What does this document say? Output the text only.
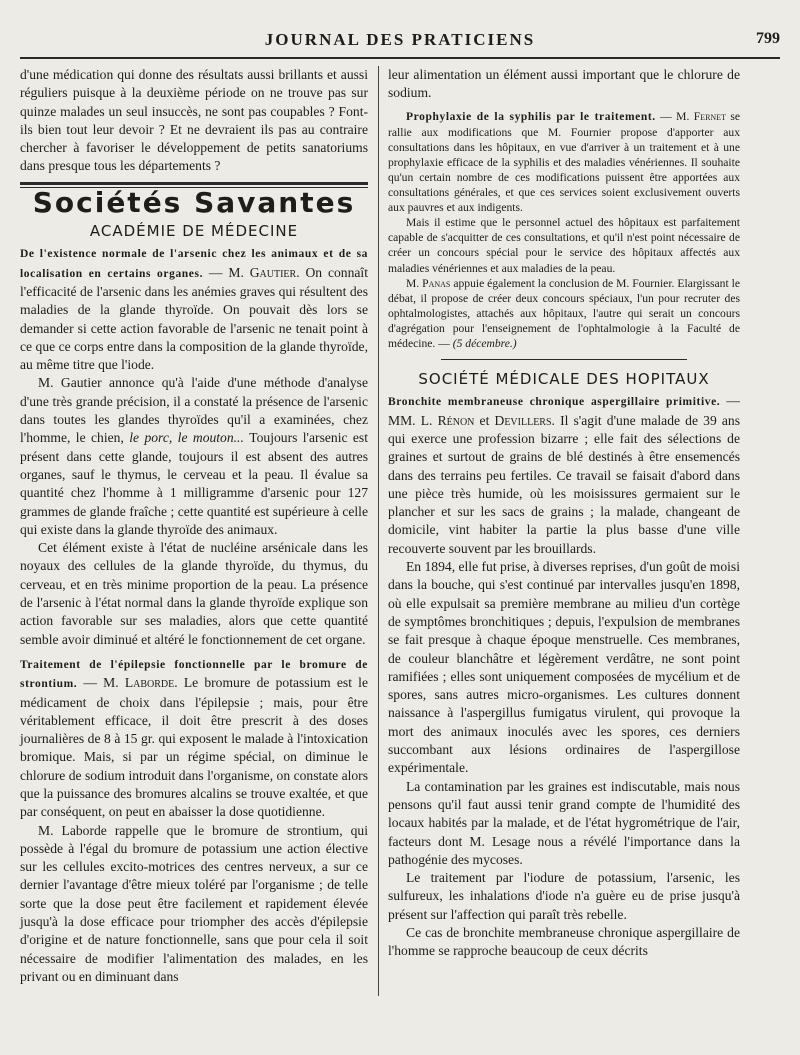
JOURNAL DES PRATICIENS	799

d'une médication qui donne des résultats aussi brillants et aussi réguliers puisque à la deuxième période on ne trouve pas sur quinze malades un seul insuccès, ne sont pas coupables ? Font-ils bien tout leur devoir ? Et ne devraient ils pas au contraire chercher à favoriser le développement de petits sanatoriums dans presque tous les départements ?

Sociétés Savantes
ACADÉMIE DE MÉDECINE

De l'existence normale de l'arsenic chez les animaux et de sa localisation en certains organes. — M. Gautier. On connaît l'efficacité de l'arsenic dans les anémies graves qui résultent des maladies de la glande thyroïde. On pouvait dès lors se demander si cette action favorable de l'arsenic ne tenait point à ce que ce corps entre dans la composition de la glande thyroïde, au même titre que l'iode.

M. Gautier annonce qu'à l'aide d'une méthode d'analyse d'une très grande précision, il a constaté la présence de l'arsenic dans toutes les glandes thyroïdes qu'il a examinées, chez l'homme, le chien, le porc, le mouton... Toujours l'arsenic est présent dans cette glande, toujours il est absent des autres organes, sauf le thymus, le cerveau et la peau. Il évalue sa quantité chez l'homme à 1 milligramme d'arsenic pour 127 grammes de glande fraîche ; cette quantité est supérieure à celle qui existe dans la glande thyroïde des animaux.

Cet élément existe à l'état de nucléine arsénicale dans les noyaux des cellules de la glande thyroïde, du thymus, du cerveau, et en très minime proportion de la peau. La présence de l'arsenic à l'état normal dans la glande thyroïde explique son action favorable sur ses maladies, alors que cette quantité semble avoir diminué et altéré le fonctionnement de cet organe.

Traitement de l'épilepsie fonctionnelle par le bromure de strontium. — M. Laborde. Le bromure de potassium est le médicament de choix dans l'épilepsie ; mais, pour être véritablement efficace, il doit être prescrit à des doses journalières de 8 à 15 gr. qui exposent le malade à l'intoxication bromique. Mais, si par un régime spécial, on diminue le chlorure de sodium introduit dans l'organisme, on constate alors que la puissance des bromures alcalins se trouve exaltée, et que par conséquent, on peut en abaisser la dose quotidienne.

M. Laborde rappelle que le bromure de strontium, qui possède à l'égal du bromure de potassium une action élective sur les cellules excito-motrices des centres nerveux, a sur ce dernier l'avantage d'être mieux toléré par l'organisme ; de telle sorte que la dose peut être facilement et rapidement élevée jusqu'à la dose efficace pour triompher des accès d'épilepsie d'origine et de nature fonctionnelle, sans que pour cela il soit nécessaire de modifier l'alimentation des malades, en les privant ou en diminuant dans

leur alimentation un élément aussi important que le chlorure de sodium.

Prophylaxie de la syphilis par le traitement. — M. Fernet se rallie aux modifications que M. Fournier propose d'apporter aux consultations dans les hôpitaux, en vue d'arriver à un traitement et à une prophylaxie efficace de la syphilis et des maladies vénériennes. Il souhaite qu'un certain nombre de ces modifications puissent être apportées aux consultations générales, et que ces services soient exclusivement ouverts aux pauvres et aux indigents.

Mais il estime que le personnel actuel des hôpitaux est parfaitement capable de s'acquitter de ces consultations, et qu'il n'est point nécessaire de créer un concours spécial pour le service des hôpitaux affectés aux maladies vénériennes et aux maladies de la peau.

M. Panas appuie également la conclusion de M. Fournier. Elargissant le débat, il propose de créer deux concours spéciaux, l'un pour recruter des ophtalmologistes, attachés aux hôpitaux, l'autre qui serait un concours d'agrégation pour l'enseignement de l'ophtalmologie à la Faculté de médecine. — (5 décembre.)

SOCIÉTÉ MÉDICALE DES HOPITAUX

Bronchite membraneuse chronique aspergillaire primitive. — MM. L. Rénon et Devillers. Il s'agit d'une malade de 39 ans qui exerce une profession bizarre ; elle fait des sélections de graines et surtout de grains de blé destinés à être ensemencés dans des terrains peu fertiles. Ce travail se faisait d'abord dans une pièce très humide, où les moisissures germaient sur le plancher et sur les sacs de grains ; la malade, changeant de domicile, vint habiter la partie la plus basse d'une ville recouverte souvent par les brouillards.

En 1894, elle fut prise, à diverses reprises, d'un goût de moisi dans la bouche, qui s'est continué par intervalles jusqu'en 1898, où elle expulsait sa première membrane au milieu d'un cortège de symptômes bronchitiques ; depuis, l'expulsion de membranes se fait presque à chaque époque menstruelle. Ces membranes, de couleur blanchâtre et légèrement verdâtre, ne sont point ramifiées ; elles sont uniquement composées de mycélium et de spores, sans autres micro-organismes. Les cultures donnent naissance à l'aspergillus fumigatus virulent, qui provoque la mort des animaux inoculés avec les spores, ces derniers succombant aux lésions ordinaires de l'aspergillose expérimentale.

La contamination par les graines est indiscutable, mais nous pensons qu'il faut aussi tenir grand compte de l'humidité des locaux habités par la malade, et de l'état hygrométrique de l'air, facteurs dont M. Lesage nous a révélé l'importance dans la pathogénie des mycoses.

Le traitement par l'iodure de potassium, l'arsenic, les sulfureux, les inhalations d'iode n'a guère eu de prise jusqu'à présent sur l'affection qui paraît très rebelle.

Ce cas de bronchite membraneuse chronique aspergillaire de l'homme se rapproche beaucoup de ceux décrits
